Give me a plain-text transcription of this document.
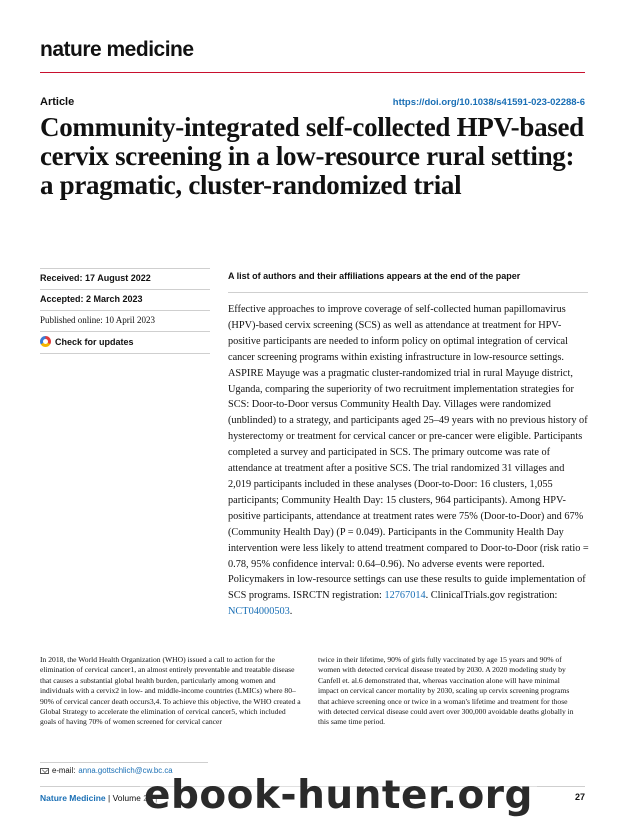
nature medicine
Article	https://doi.org/10.1038/s41591-023-02288-6
Community-integrated self-collected HPV-based cervix screening in a low-resource rural setting: a pragmatic, cluster-randomized trial
Received: 17 August 2022
Accepted: 2 March 2023
Published online: 10 April 2023
Check for updates
A list of authors and their affiliations appears at the end of the paper

Effective approaches to improve coverage of self-collected human papillomavirus (HPV)-based cervix screening (SCS) as well as attendance at treatment for HPV-positive participants are needed to inform policy on optimal integration of cervical cancer screening programs within existing infrastructure in low-resource settings. ASPIRE Mayuge was a pragmatic cluster-randomized trial in rural Mayuge district, Uganda, comparing the superiority of two recruitment implementation strategies for SCS: Door-to-Door versus Community Health Day. Villages were randomized (unblinded) to a strategy, and participants aged 25–49 years with no previous history of hysterectomy or treatment for cervical cancer or pre-cancer were eligible. Participants completed a survey and participated in SCS. The primary outcome was rate of attendance at treatment after a positive SCS. The trial randomized 31 villages and 2,019 participants included in these analyses (Door-to-Door: 16 clusters, 1,055 participants; Community Health Day: 15 clusters, 964 participants). Among HPV-positive participants, attendance at treatment rates were 75% (Door-to-Door) and 67% (Community Health Day) (P = 0.049). Participants in the Community Health Day intervention were less likely to attend treatment compared to Door-to-Door (risk ratio = 0.78, 95% confidence interval: 0.64–0.96). No adverse events were reported. Policymakers in low-resource settings can use these results to guide implementation of SCS programs. ISRCTN registration: 12767014. ClinicalTrials.gov registration: NCT04000503.

In 2018, the World Health Organization (WHO) issued a call to action for the elimination of cervical cancer1, an almost entirely preventable and treatable disease that causes a substantial global health burden, particularly among women and individuals with a cervix2 in low- and middle-income countries (LMICs) where 80–90% of cervical cancer death occurs3,4. To achieve this objective, the WHO created a Global Strategy to accelerate the elimination of cervical cancer5, which included goals of having 70% of women screened for cervical cancer

twice in their lifetime, 90% of girls fully vaccinated by age 15 years and 90% of women with detected cervical disease treated by 2030. A 2020 modeling study by Canfell et. al.6 demonstrated that, whereas vaccination alone will have minimal impact on cervical cancer mortality by 2030, scaling up cervix screening programs that achieve screening once or twice in a woman's lifetime and treatment for those with detected cervical disease could avert over 300,000 avoidable deaths globally in this same time period.

e-mail: anna.gottschlich@cw.bc.ca
Nature Medicine | Volume 29 |	27
ebook-hunter.org
